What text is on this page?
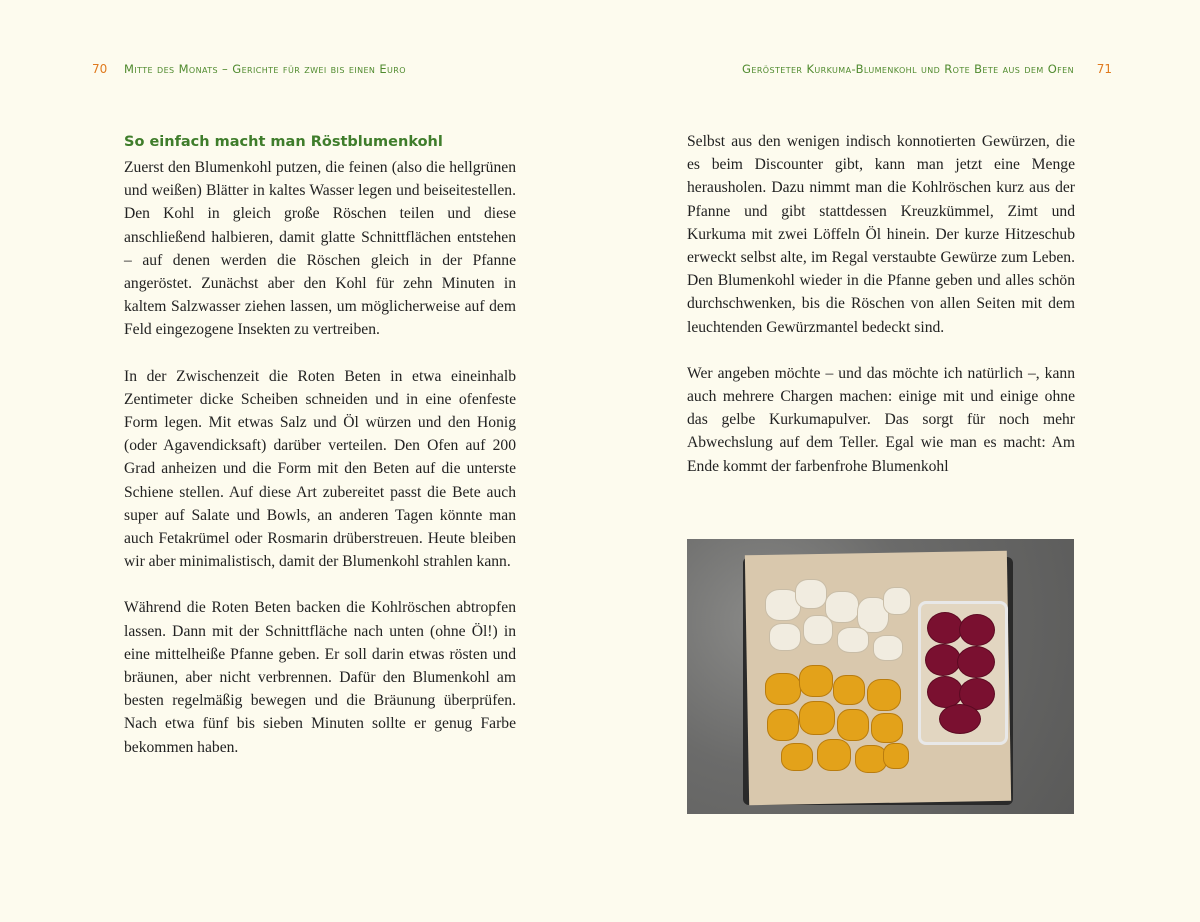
70 Mitte des Monats – Gerichte für zwei bis einen Euro
So einfach macht man Röstblumenkohl

Zuerst den Blumenkohl putzen, die feinen (also die hellgrünen und weißen) Blätter in kaltes Wasser legen und beiseitestellen. Den Kohl in gleich große Röschen teilen und diese anschließend halbieren, damit glatte Schnittflächen entstehen – auf denen werden die Röschen gleich in der Pfanne angeröstet. Zunächst aber den Kohl für zehn Minuten in kaltem Salzwasser ziehen lassen, um möglicherweise auf dem Feld eingezogene Insekten zu vertreiben.

In der Zwischenzeit die Roten Beten in etwa eineinhalb Zentimeter dicke Scheiben schneiden und in eine ofenfeste Form legen. Mit etwas Salz und Öl würzen und den Honig (oder Agavendicksaft) darüber verteilen. Den Ofen auf 200 Grad anheizen und die Form mit den Beten auf die unterste Schiene stellen. Auf diese Art zubereitet passt die Bete auch super auf Salate und Bowls, an anderen Tagen könnte man auch Fetakrümel oder Rosmarin drüberstreuen. Heute bleiben wir aber minimalistisch, damit der Blumenkohl strahlen kann.

Während die Roten Beten backen die Kohlröschen abtropfen lassen. Dann mit der Schnittfläche nach unten (ohne Öl!) in eine mittelheiße Pfanne geben. Er soll darin etwas rösten und bräunen, aber nicht verbrennen. Dafür den Blumenkohl am besten regelmäßig bewegen und die Bräunung überprüfen. Nach etwa fünf bis sieben Minuten sollte er genug Farbe bekommen haben.

Gerösteter Kurkuma-Blumenkohl und Rote Bete aus dem Ofen 71

Selbst aus den wenigen indisch konnotierten Gewürzen, die es beim Discounter gibt, kann man jetzt eine Menge herausholen. Dazu nimmt man die Kohlröschen kurz aus der Pfanne und gibt stattdessen Kreuzkümmel, Zimt und Kurkuma mit zwei Löffeln Öl hinein. Der kurze Hitzeschub erweckt selbst alte, im Regal verstaubte Gewürze zum Leben. Den Blumenkohl wieder in die Pfanne geben und alles schön durchschwenken, bis die Röschen von allen Seiten mit dem leuchtenden Gewürzmantel bedeckt sind.

Wer angeben möchte – und das möchte ich natürlich –, kann auch mehrere Chargen machen: einige mit und einige ohne das gelbe Kurkumapulver. Das sorgt für noch mehr Abwechslung auf dem Teller. Egal wie man es macht: Am Ende kommt der farbenfrohe Blumenkohl
